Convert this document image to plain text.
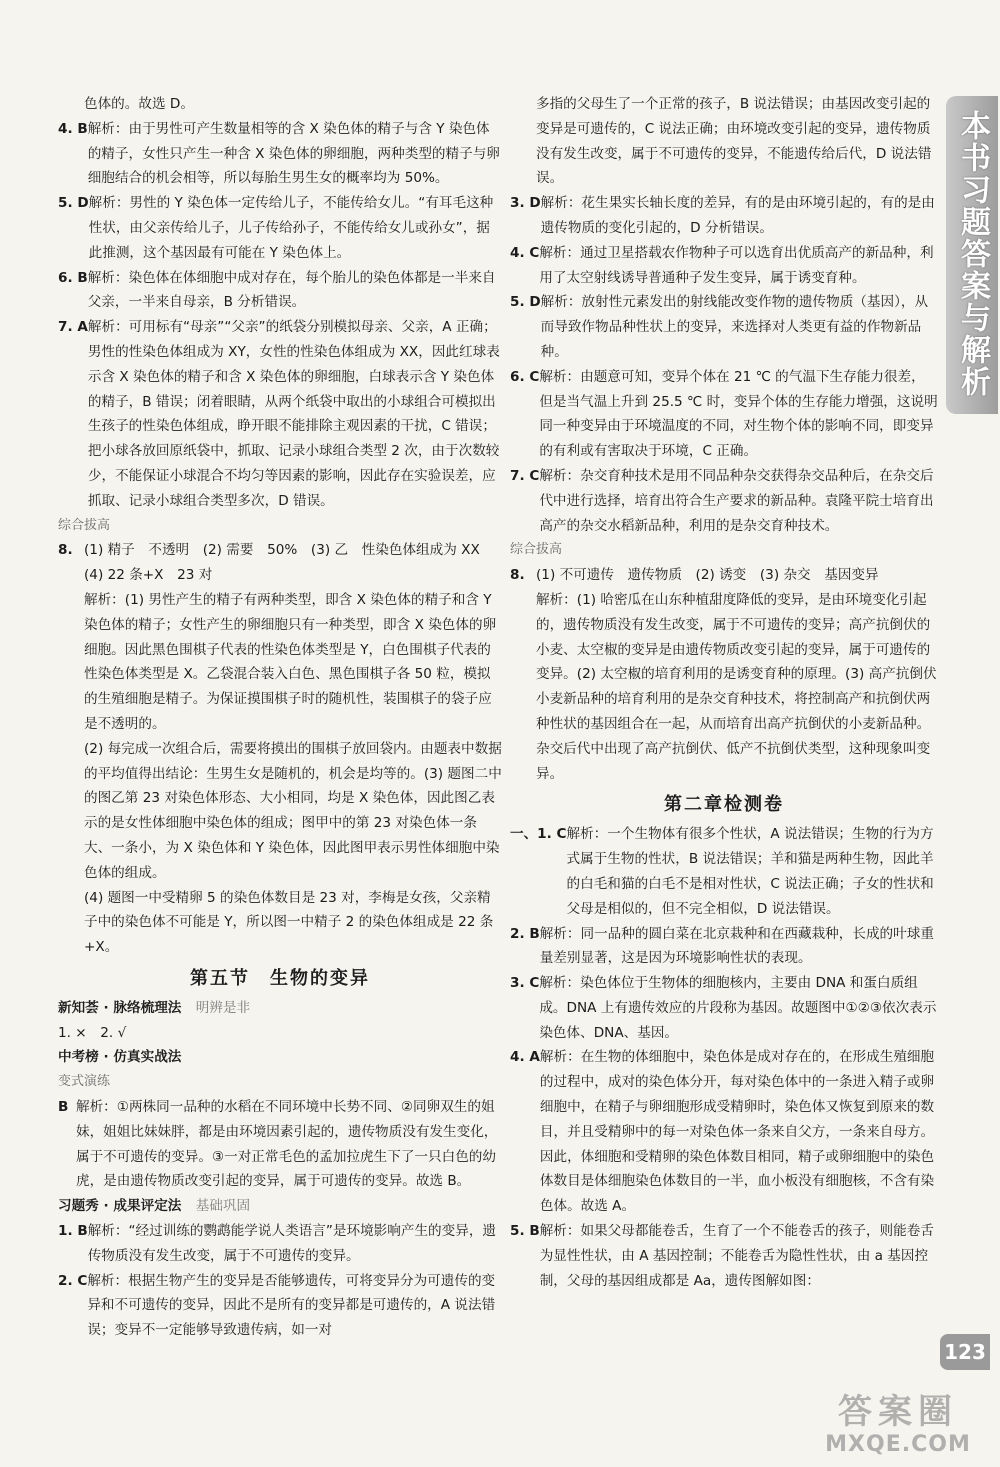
色体的。故选 D。
4. B 解析：由于男性可产生数量相等的含 X 染色体的精子与含 Y 染色体的精子，女性只产生一种含 X 染色体的卵细胞，两种类型的精子与卵细胞结合的机会相等，所以每胎生男生女的概率均为 50%。
5. D 解析：男性的 Y 染色体一定传给儿子，不能传给女儿。“有耳毛这种性状，由父亲传给儿子，儿子传给孙子，不能传给女儿或孙女”，据此推测，这个基因最有可能在 Y 染色体上。
6. B 解析：染色体在体细胞中成对存在，每个胎儿的染色体都是一半来自父亲，一半来自母亲，B 分析错误。
7. A 解析：可用标有“母亲”“父亲”的纸袋分别模拟母亲、父亲，A 正确；男性的性染色体组成为 XY，女性的性染色体组成为 XX，因此红球表示含 X 染色体的精子和含 X 染色体的卵细胞，白球表示含 Y 染色体的精子，B 错误；闭着眼睛，从两个纸袋中取出的小球组合可模拟出生孩子的性染色体组成，睁开眼不能排除主观因素的干扰，C 错误；把小球各放回原纸袋中，抓取、记录小球组合类型 2 次，由于次数较少，不能保证小球混合不均匀等因素的影响，因此存在实验误差，应抓取、记录小球组合类型多次，D 错误。
综合拔高
8. (1) 精子　不透明　(2) 需要　50%　(3) 乙　性染色体组成为 XX　(4) 22 条+X　23 对
解析：(1) 男性产生的精子有两种类型，即含 X 染色体的精子和含 Y 染色体的精子；女性产生的卵细胞只有一种类型，即含 X 染色体的卵细胞。因此黑色围棋子代表的性染色体类型是 Y，白色围棋子代表的性染色体类型是 X。乙袋混合装入白色、黑色围棋子各 50 粒，模拟的生殖细胞是精子。为保证摸围棋子时的随机性，装围棋子的袋子应是不透明的。
(2) 每完成一次组合后，需要将摸出的围棋子放回袋内。由题表中数据的平均值得出结论：生男生女是随机的，机会是均等的。(3) 题图二中的图乙第 23 对染色体形态、大小相同，均是 X 染色体，因此图乙表示的是女性体细胞中染色体的组成；图甲中的第 23 对染色体一条大、一条小，为 X 染色体和 Y 染色体，因此图甲表示男性体细胞中染色体的组成。
(4) 题图一中受精卵 5 的染色体数目是 23 对，李梅是女孩，父亲精子中的染色体不可能是 Y，所以图一中精子 2 的染色体组成是 22 条+X。
第五节 生物的变异
新知荟 · 脉络梳理法 明辨是非
1. ×　2. √
中考榜 · 仿真实战法
变式演练
B 解析：①两株同一品种的水稻在不同环境中长势不同、②同卵双生的姐妹，姐姐比妹妹胖，都是由环境因素引起的，遗传物质没有发生变化，属于不可遗传的变异。③一对正常毛色的孟加拉虎生下了一只白色的幼虎，是由遗传物质改变引起的变异，属于可遗传的变异。故选 B。
习题秀 · 成果评定法 基础巩固
1. B 解析：“经过训练的鹦鹉能学说人类语言”是环境影响产生的变异，遗传物质没有发生改变，属于不可遗传的变异。
2. C 解析：根据生物产生的变异是否能够遗传，可将变异分为可遗传的变异和不可遗传的变异，因此不是所有的变异都是可遗传的，A 说法错误；变异不一定能够导致遗传病，如一对
多指的父母生了一个正常的孩子，B 说法错误；由基因改变引起的变异是可遗传的，C 说法正确；由环境改变引起的变异，遗传物质没有发生改变，属于不可遗传的变异，不能遗传给后代，D 说法错误。
3. D 解析：花生果实长轴长度的差异，有的是由环境引起的，有的是由遗传物质的变化引起的，D 分析错误。
4. C 解析：通过卫星搭载农作物种子可以选育出优质高产的新品种，利用了太空射线诱导普通种子发生变异，属于诱变育种。
5. D 解析：放射性元素发出的射线能改变作物的遗传物质（基因），从而导致作物品种性状上的变异，来选择对人类更有益的作物新品种。
6. C 解析：由题意可知，变异个体在 21 ℃ 的气温下生存能力很差，但是当气温上升到 25.5 ℃ 时，变异个体的生存能力增强，这说明同一种变异由于环境温度的不同，对生物个体的影响不同，即变异的有利或有害取决于环境，C 正确。
7. C 解析：杂交育种技术是用不同品种杂交获得杂交品种后，在杂交后代中进行选择，培育出符合生产要求的新品种。袁隆平院士培育出高产的杂交水稻新品种，利用的是杂交育种技术。
综合拔高
8. (1) 不可遗传　遗传物质　(2) 诱变　(3) 杂交　基因变异
解析：(1) 哈密瓜在山东种植甜度降低的变异，是由环境变化引起的，遗传物质没有发生改变，属于不可遗传的变异；高产抗倒伏的小麦、太空椒的变异是由遗传物质改变引起的变异，属于可遗传的变异。(2) 太空椒的培育利用的是诱变育种的原理。(3) 高产抗倒伏小麦新品种的培育利用的是杂交育种技术，将控制高产和抗倒伏两种性状的基因组合在一起，从而培育出高产抗倒伏的小麦新品种。杂交后代中出现了高产抗倒伏、低产不抗倒伏类型，这种现象叫变异。
第二章检测卷
一、1. C 解析：一个生物体有很多个性状，A 说法错误；生物的行为方式属于生物的性状，B 说法错误；羊和猫是两种生物，因此羊的白毛和猫的白毛不是相对性状，C 说法正确；子女的性状和父母是相似的，但不完全相似，D 说法错误。
2. B 解析：同一品种的圆白菜在北京栽种和在西藏栽种，长成的叶球重量差别显著，这是因为环境影响性状的表现。
3. C 解析：染色体位于生物体的细胞核内，主要由 DNA 和蛋白质组成。DNA 上有遗传效应的片段称为基因。故题图中①②③依次表示染色体、DNA、基因。
4. A 解析：在生物的体细胞中，染色体是成对存在的，在形成生殖细胞的过程中，成对的染色体分开，每对染色体中的一条进入精子或卵细胞中，在精子与卵细胞形成受精卵时，染色体又恢复到原来的数目，并且受精卵中的每一对染色体一条来自父方，一条来自母方。因此，体细胞和受精卵的染色体数目相同，精子或卵细胞中的染色体数目是体细胞染色体数目的一半，血小板没有细胞核，不含有染色体。故选 A。
5. B 解析：如果父母都能卷舌，生育了一个不能卷舌的孩子，则能卷舌为显性性状，由 A 基因控制；不能卷舌为隐性性状，由 a 基因控制，父母的基因组成都是 Aa，遗传图解如图：
本书习题答案与解析
123
答案圈
MXQE.COM
